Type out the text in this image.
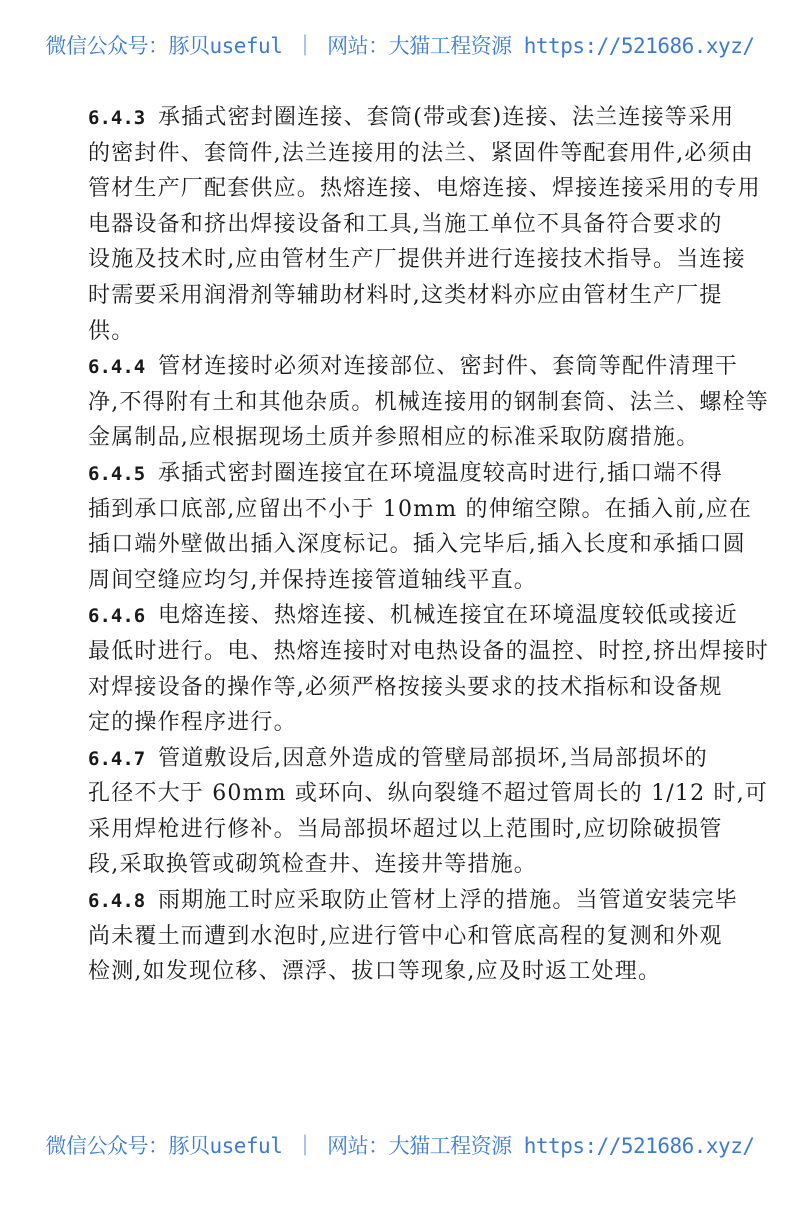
微信公众号：豚贝useful ｜ 网站：大猫工程资源 https://521686.xyz/
6.4.3 承插式密封圈连接、套筒(带或套)连接、法兰连接等采用
的密封件、套筒件,法兰连接用的法兰、紧固件等配套用件,必须由
管材生产厂配套供应。热熔连接、电熔连接、焊接连接采用的专用
电器设备和挤出焊接设备和工具,当施工单位不具备符合要求的
设施及技术时,应由管材生产厂提供并进行连接技术指导。当连接
时需要采用润滑剂等辅助材料时,这类材料亦应由管材生产厂提
供。
6.4.4 管材连接时必须对连接部位、密封件、套筒等配件清理干
净,不得附有土和其他杂质。机械连接用的钢制套筒、法兰、螺栓等
金属制品,应根据现场土质并参照相应的标准采取防腐措施。
6.4.5 承插式密封圈连接宜在环境温度较高时进行,插口端不得
插到承口底部,应留出不小于 10mm 的伸缩空隙。在插入前,应在
插口端外壁做出插入深度标记。插入完毕后,插入长度和承插口圆
周间空缝应均匀,并保持连接管道轴线平直。
6.4.6 电熔连接、热熔连接、机械连接宜在环境温度较低或接近
最低时进行。电、热熔连接时对电热设备的温控、时控,挤出焊接时
对焊接设备的操作等,必须严格按接头要求的技术指标和设备规
定的操作程序进行。
6.4.7 管道敷设后,因意外造成的管壁局部损坏,当局部损坏的
孔径不大于 60mm 或环向、纵向裂缝不超过管周长的 1/12 时,可
采用焊枪进行修补。当局部损坏超过以上范围时,应切除破损管
段,采取换管或砌筑检查井、连接井等措施。
6.4.8 雨期施工时应采取防止管材上浮的措施。当管道安装完毕
尚未覆土而遭到水泡时,应进行管中心和管底高程的复测和外观
检测,如发现位移、漂浮、拔口等现象,应及时返工处理。
微信公众号：豚贝useful ｜ 网站：大猫工程资源 https://521686.xyz/
